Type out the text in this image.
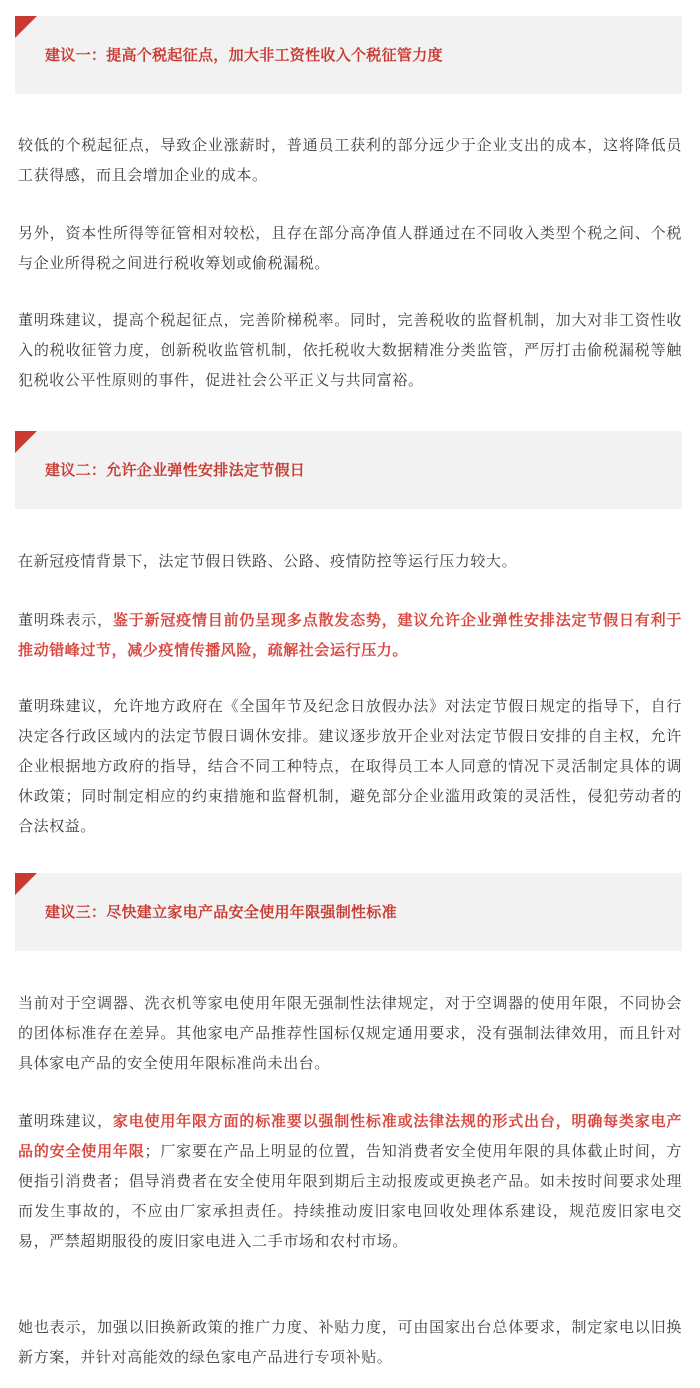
建议一：提高个税起征点，加大非工资性收入个税征管力度

较低的个税起征点，导致企业涨薪时，普通员工获利的部分远少于企业支出的成本，这将降低员工获得感，而且会增加企业的成本。

另外，资本性所得等征管相对较松，且存在部分高净值人群通过在不同收入类型个税之间、个税与企业所得税之间进行税收筹划或偷税漏税。

董明珠建议，提高个税起征点，完善阶梯税率。同时，完善税收的监督机制，加大对非工资性收入的税收征管力度，创新税收监管机制，依托税收大数据精准分类监管，严厉打击偷税漏税等触犯税收公平性原则的事件，促进社会公平正义与共同富裕。

建议二：允许企业弹性安排法定节假日

在新冠疫情背景下，法定节假日铁路、公路、疫情防控等运行压力较大。

董明珠表示，鉴于新冠疫情目前仍呈现多点散发态势，建议允许企业弹性安排法定节假日有利于推动错峰过节，减少疫情传播风险，疏解社会运行压力。

董明珠建议，允许地方政府在《全国年节及纪念日放假办法》对法定节假日规定的指导下，自行决定各行政区域内的法定节假日调休安排。建议逐步放开企业对法定节假日安排的自主权，允许企业根据地方政府的指导，结合不同工种特点，在取得员工本人同意的情况下灵活制定具体的调休政策；同时制定相应的约束措施和监督机制，避免部分企业滥用政策的灵活性，侵犯劳动者的合法权益。

建议三：尽快建立家电产品安全使用年限强制性标准

当前对于空调器、洗衣机等家电使用年限无强制性法律规定，对于空调器的使用年限，不同协会的团体标准存在差异。其他家电产品推荐性国标仅规定通用要求，没有强制法律效用，而且针对具体家电产品的安全使用年限标准尚未出台。

董明珠建议，家电使用年限方面的标准要以强制性标准或法律法规的形式出台，明确每类家电产品的安全使用年限；厂家要在产品上明显的位置，告知消费者安全使用年限的具体截止时间，方便指引消费者；倡导消费者在安全使用年限到期后主动报废或更换老产品。如未按时间要求处理而发生事故的，不应由厂家承担责任。持续推动废旧家电回收处理体系建设，规范废旧家电交易，严禁超期服役的废旧家电进入二手市场和农村市场。

她也表示，加强以旧换新政策的推广力度、补贴力度，可由国家出台总体要求，制定家电以旧换新方案，并针对高能效的绿色家电产品进行专项补贴。
